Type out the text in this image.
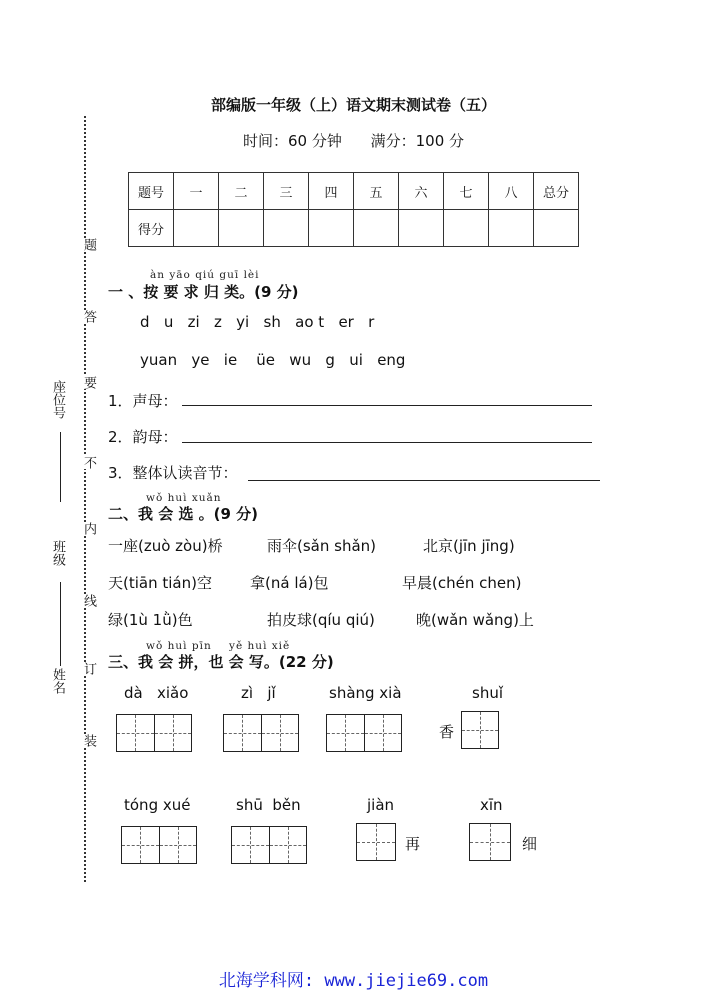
题
答
要
不
内
线
订
装
座位号
班级
姓名
部编版一年级（上）语文期末测试卷（五）
时间：60 分钟 满分：100 分
题号	一	二	三	四	五	六	七	八	总分
得分									
àn yāo qiú guī lèi
一 、按 要 求 归 类。(9 分)
d   u   zi   z   yi   sh   ao t   er   r
yuan   ye   ie    üe   wu   g   ui   eng
1．声母：
2．韵母：
3．整体认读音节：
wǒ huì xuǎn
二、我 会 选 。(9 分)
一座(zuò zòu)桥	雨伞(sǎn shǎn)	北京(jīn jīng)
天(tiān tián)空	拿(ná lá)包	早晨(chén chen)
绿(1ù 1ǜ)色	拍皮球(qíu qiú)	晚(wǎn wǎng)上
wǒ huì pīn    yě huì xiě
三、我 会 拼，也 会 写。(22 分)
dà   xiǎo	zì   jǐ	shàng xià	shuǐ
香
tóng xué	shū  běn	jiàn
再
xīn
细
北海学科网: www.jiejie69.com
